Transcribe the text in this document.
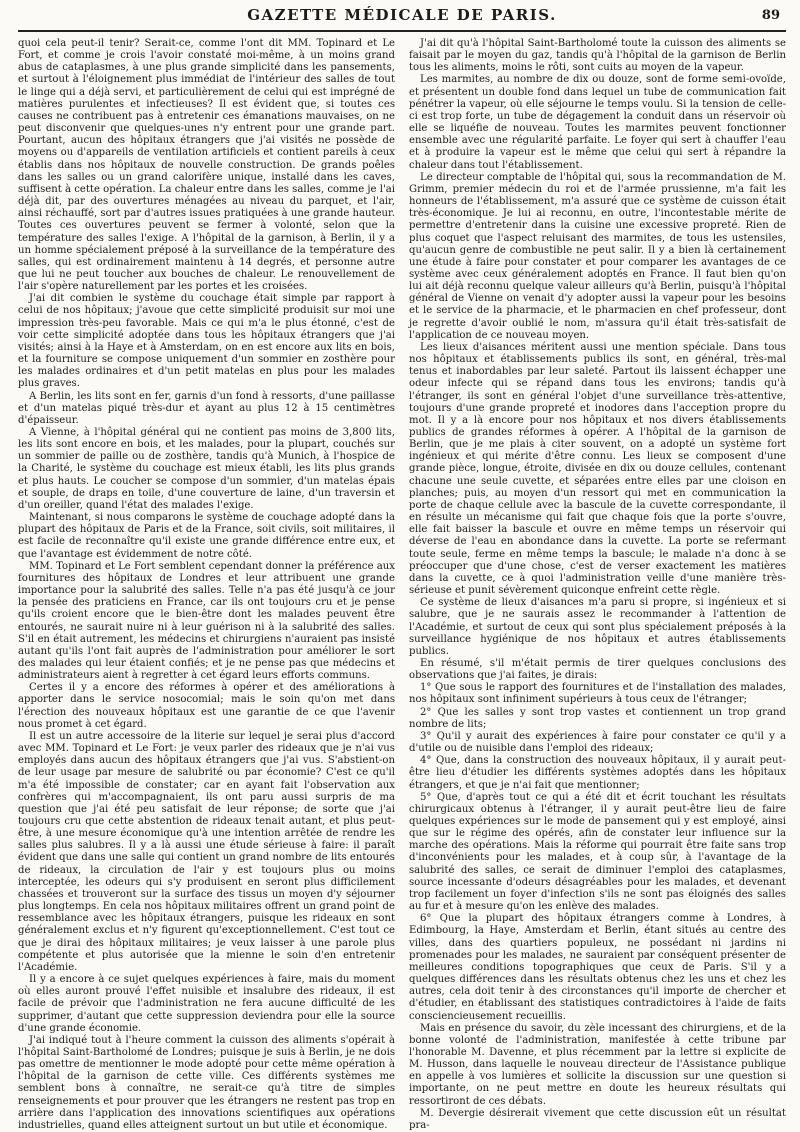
GAZETTE MÉDICALE DE PARIS.	89

quoi cela peut-il tenir? Serait-ce, comme l'ont dit MM. Topinard et Le Fort, et comme je crois l'avoir constaté moi-même, à un moins grand abus de cataplasmes, à une plus grande simplicité dans les pansements, et surtout à l'éloignement plus immédiat de l'intérieur des salles de tout le linge qui a déjà servi, et particulièrement de celui qui est imprégné de matières purulentes et infectieuses? Il est évident que, si toutes ces causes ne contribuent pas à entretenir ces émanations mauvaises, on ne peut disconvenir que quelques-unes n'y entrent pour une grande part. Pourtant, aucun des hôpitaux étrangers que j'ai visités ne possède de moyens ou d'appareils de ventilation artificiels et contient pareils à ceux établis dans nos hôpitaux de nouvelle construction. De grands poêles dans les salles ou un grand calorifère unique, installé dans les caves, suffisent à cette opération. La chaleur entre dans les salles, comme je l'ai déjà dit, par des ouvertures ménagées au niveau du parquet, et l'air, ainsi réchauffé, sort par d'autres issues pratiquées à une grande hauteur. Toutes ces ouvertures peuvent se fermer à volonté, selon que la température des salles l'exige. A l'hôpital de la garnison, à Berlin, il y a un homme spécialement préposé à la surveillance de la température des salles, qui est ordinairement maintenu à 14 degrés, et personne autre que lui ne peut toucher aux bouches de chaleur. Le renouvellement de l'air s'opère naturellement par les portes et les croisées.

J'ai dit combien le système du couchage était simple par rapport à celui de nos hôpitaux; j'avoue que cette simplicité produisit sur moi une impression très-peu favorable. Mais ce qui m'a le plus étonné, c'est de voir cette simplicité adoptée dans tous les hôpitaux étrangers que j'ai visités; ainsi à la Haye et à Amsterdam, on en est encore aux lits en bois, et la fourniture se compose uniquement d'un sommier en zosthère pour les malades ordinaires et d'un petit matelas en plus pour les malades plus graves.

A Berlin, les lits sont en fer, garnis d'un fond à ressorts, d'une paillasse et d'un matelas piqué très-dur et ayant au plus 12 à 15 centimètres d'épaisseur.

A Vienne, à l'hôpital général qui ne contient pas moins de 3,800 lits, les lits sont encore en bois, et les malades, pour la plupart, couchés sur un sommier de paille ou de zosthère, tandis qu'à Munich, à l'hospice de la Charité, le système du couchage est mieux établi, les lits plus grands et plus hauts. Le coucher se compose d'un sommier, d'un matelas épais et souple, de draps en toile, d'une couverture de laine, d'un traversin et d'un oreiller, quand l'état des malades l'exige.

Maintenant, si nous comparons le système de couchage adopté dans la plupart des hôpitaux de Paris et de la France, soit civils, soit militaires, il est facile de reconnaître qu'il existe une grande différence entre eux, et que l'avantage est évidemment de notre côté.

MM. Topinard et Le Fort semblent cependant donner la préférence aux fournitures des hôpitaux de Londres et leur attribuent une grande importance pour la salubrité des salles. Telle n'a pas été jusqu'à ce jour la pensée des praticiens en France, car ils ont toujours cru et je pense qu'ils croient encore que le bien-être dont les malades peuvent être entourés, ne saurait nuire ni à leur guérison ni à la salubrité des salles. S'il en était autrement, les médecins et chirurgiens n'auraient pas insisté autant qu'ils l'ont fait auprès de l'administration pour améliorer le sort des malades qui leur étaient confiés; et je ne pense pas que médecins et administrateurs aient à regretter à cet égard leurs efforts communs.

Certes il y a encore des réformes à opérer et des améliorations à apporter dans le service nosocomial; mais le soin qu'on met dans l'érection des nouveaux hôpitaux est une garantie de ce que l'avenir nous promet à cet égard.

Il est un autre accessoire de la literie sur lequel je serai plus d'accord avec MM. Topinard et Le Fort: je veux parler des rideaux que je n'ai vus employés dans aucun des hôpitaux étrangers que j'ai vus. S'abstient-on de leur usage par mesure de salubrité ou par économie? C'est ce qu'il m'a été impossible de constater; car en ayant fait l'observation aux confrères qui m'accompagnaient, ils ont paru aussi surpris de ma question que j'ai été peu satisfait de leur réponse; de sorte que j'ai toujours cru que cette abstention de rideaux tenait autant, et plus peut-être, à une mesure économique qu'à une intention arrêtée de rendre les salles plus salubres. Il y a là aussi une étude sérieuse à faire: il paraît évident que dans une salle qui contient un grand nombre de lits entourés de rideaux, la circulation de l'air y est toujours plus ou moins interceptée, les odeurs qui s'y produisent en seront plus difficilement chassées et trouveront sur la surface des tissus un moyen d'y séjourner plus longtemps. En cela nos hôpitaux militaires offrent un grand point de ressemblance avec les hôpitaux étrangers, puisque les rideaux en sont généralement exclus et n'y figurent qu'exceptionnellement. C'est tout ce que je dirai des hôpitaux militaires; je veux laisser à une parole plus compétente et plus autorisée que la mienne le soin d'en entretenir l'Académie.

Il y a encore à ce sujet quelques expériences à faire, mais du moment où elles auront prouvé l'effet nuisible et insalubre des rideaux, il est facile de prévoir que l'administration ne fera aucune difficulté de les supprimer, d'autant que cette suppression deviendra pour elle la source d'une grande économie.

J'ai indiqué tout à l'heure comment la cuisson des aliments s'opérait à l'hôpital Saint-Bartholomé de Londres; puisque je suis à Berlin, je ne dois pas omettre de mentionner le mode adopté pour cette même opération à l'hôpital de la garnison de cette ville. Ces différents systèmes me semblent bons à connaître, ne serait-ce qu'à titre de simples renseignements et pour prouver que les étrangers ne restent pas trop en arrière dans l'application des innovations scientifiques aux opérations industrielles, quand elles atteignent surtout un but utile et économique.

J'ai dit qu'à l'hôpital Saint-Bartholomé toute la cuisson des aliments se faisait par le moyen du gaz, tandis qu'à l'hôpital de la garnison de Berlin tous les aliments, moins le rôti, sont cuits au moyen de la vapeur.

Les marmites, au nombre de dix ou douze, sont de forme semi-ovoïde, et présentent un double fond dans lequel un tube de communication fait pénétrer la vapeur, où elle séjourne le temps voulu. Si la tension de celle-ci est trop forte, un tube de dégagement la conduit dans un réservoir où elle se liquéfie de nouveau. Toutes les marmites peuvent fonctionner ensemble avec une régularité parfaite. Le foyer qui sert à chauffer l'eau et à produire la vapeur est le même que celui qui sert à répandre la chaleur dans tout l'établissement.

Le directeur comptable de l'hôpital qui, sous la recommandation de M. Grimm, premier médecin du roi et de l'armée prussienne, m'a fait les honneurs de l'établissement, m'a assuré que ce système de cuisson était très-économique. Je lui ai reconnu, en outre, l'incontestable mérite de permettre d'entretenir dans la cuisine une excessive propreté. Rien de plus coquet que l'aspect reluisant des marmites, de tous les ustensiles, qu'aucun genre de combustible ne peut salir. Il y a bien là certainement une étude à faire pour constater et pour comparer les avantages de ce système avec ceux généralement adoptés en France. Il faut bien qu'on lui ait déjà reconnu quelque valeur ailleurs qu'à Berlin, puisqu'à l'hôpital général de Vienne on venait d'y adopter aussi la vapeur pour les besoins et le service de la pharmacie, et le pharmacien en chef professeur, dont je regrette d'avoir oublié le nom, m'assura qu'il était très-satisfait de l'application de ce nouveau moyen.

Les lieux d'aisances méritent aussi une mention spéciale. Dans tous nos hôpitaux et établissements publics ils sont, en général, très-mal tenus et inabordables par leur saleté. Partout ils laissent échapper une odeur infecte qui se répand dans tous les environs; tandis qu'à l'étranger, ils sont en général l'objet d'une surveillance très-attentive, toujours d'une grande propreté et inodores dans l'acception propre du mot. Il y a là encore pour nos hôpitaux et nos divers établissements publics de grandes réformes à opérer. A l'hôpital de la garnison de Berlin, que je me plais à citer souvent, on a adopté un système fort ingénieux et qui mérite d'être connu. Les lieux se composent d'une grande pièce, longue, étroite, divisée en dix ou douze cellules, contenant chacune une seule cuvette, et séparées entre elles par une cloison en planches; puis, au moyen d'un ressort qui met en communication la porte de chaque cellule avec la bascule de la cuvette correspondante, il en résulte un mécanisme qui fait que chaque fois que la porte s'ouvre, elle fait baisser la bascule et ouvre en même temps un réservoir qui déverse de l'eau en abondance dans la cuvette. La porte se refermant toute seule, ferme en même temps la bascule; le malade n'a donc à se préoccuper que d'une chose, c'est de verser exactement les matières dans la cuvette, ce à quoi l'administration veille d'une manière très-sérieuse et punit sévèrement quiconque enfreint cette règle.

Ce système de lieux d'aisances m'a paru si propre, si ingénieux et si salubre, que je ne saurais assez le recommander à l'attention de l'Académie, et surtout de ceux qui sont plus spécialement préposés à la surveillance hygiénique de nos hôpitaux et autres établissements publics.

En résumé, s'il m'était permis de tirer quelques conclusions des observations que j'ai faites, je dirais:

1° Que sous le rapport des fournitures et de l'installation des malades, nos hôpitaux sont infiniment supérieurs à tous ceux de l'étranger;
2° Que les salles y sont trop vastes et contiennent un trop grand nombre de lits;
3° Qu'il y aurait des expériences à faire pour constater ce qu'il y a d'utile ou de nuisible dans l'emploi des rideaux;
4° Que, dans la construction des nouveaux hôpitaux, il y aurait peut-être lieu d'étudier les différents systèmes adoptés dans les hôpitaux étrangers, et que je n'ai fait que mentionner;
5° Que, d'après tout ce qui a été dit et écrit touchant les résultats chirurgicaux obtenus à l'étranger, il y aurait peut-être lieu de faire quelques expériences sur le mode de pansement qui y est employé, ainsi que sur le régime des opérés, afin de constater leur influence sur la marche des opérations. Mais la réforme qui pourrait être faite sans trop d'inconvénients pour les malades, et à coup sûr, à l'avantage de la salubrité des salles, ce serait de diminuer l'emploi des cataplasmes, source incessante d'odeurs désagréables pour les malades, et devenant trop facilement un foyer d'infection s'ils ne sont pas éloignés des salles au fur et à mesure qu'on les enlève des malades.
6° Que la plupart des hôpitaux étrangers comme à Londres, à Edimbourg, la Haye, Amsterdam et Berlin, étant situés au centre des villes, dans des quartiers populeux, ne possédant ni jardins ni promenades pour les malades, ne sauraient par conséquent présenter de meilleures conditions topographiques que ceux de Paris. S'il y a quelques différences dans les résultats obtenus chez les uns et chez les autres, cela doit tenir à des circonstances qu'il importe de chercher et d'étudier, en établissant des statistiques contradictoires à l'aide de faits consciencieusement recueillis.

Mais en présence du savoir, du zèle incessant des chirurgiens, et de la bonne volonté de l'administration, manifestée à cette tribune par l'honorable M. Davenne, et plus récemment par la lettre si explicite de M. Husson, dans laquelle le nouveau directeur de l'Assistance publique en appelle à vos lumières et sollicite la discussion sur une question si importante, on ne peut mettre en doute les heureux résultats qui ressortiront de ces débats.

M. Devergie désirerait vivement que cette discussion eût un résultat pra-
